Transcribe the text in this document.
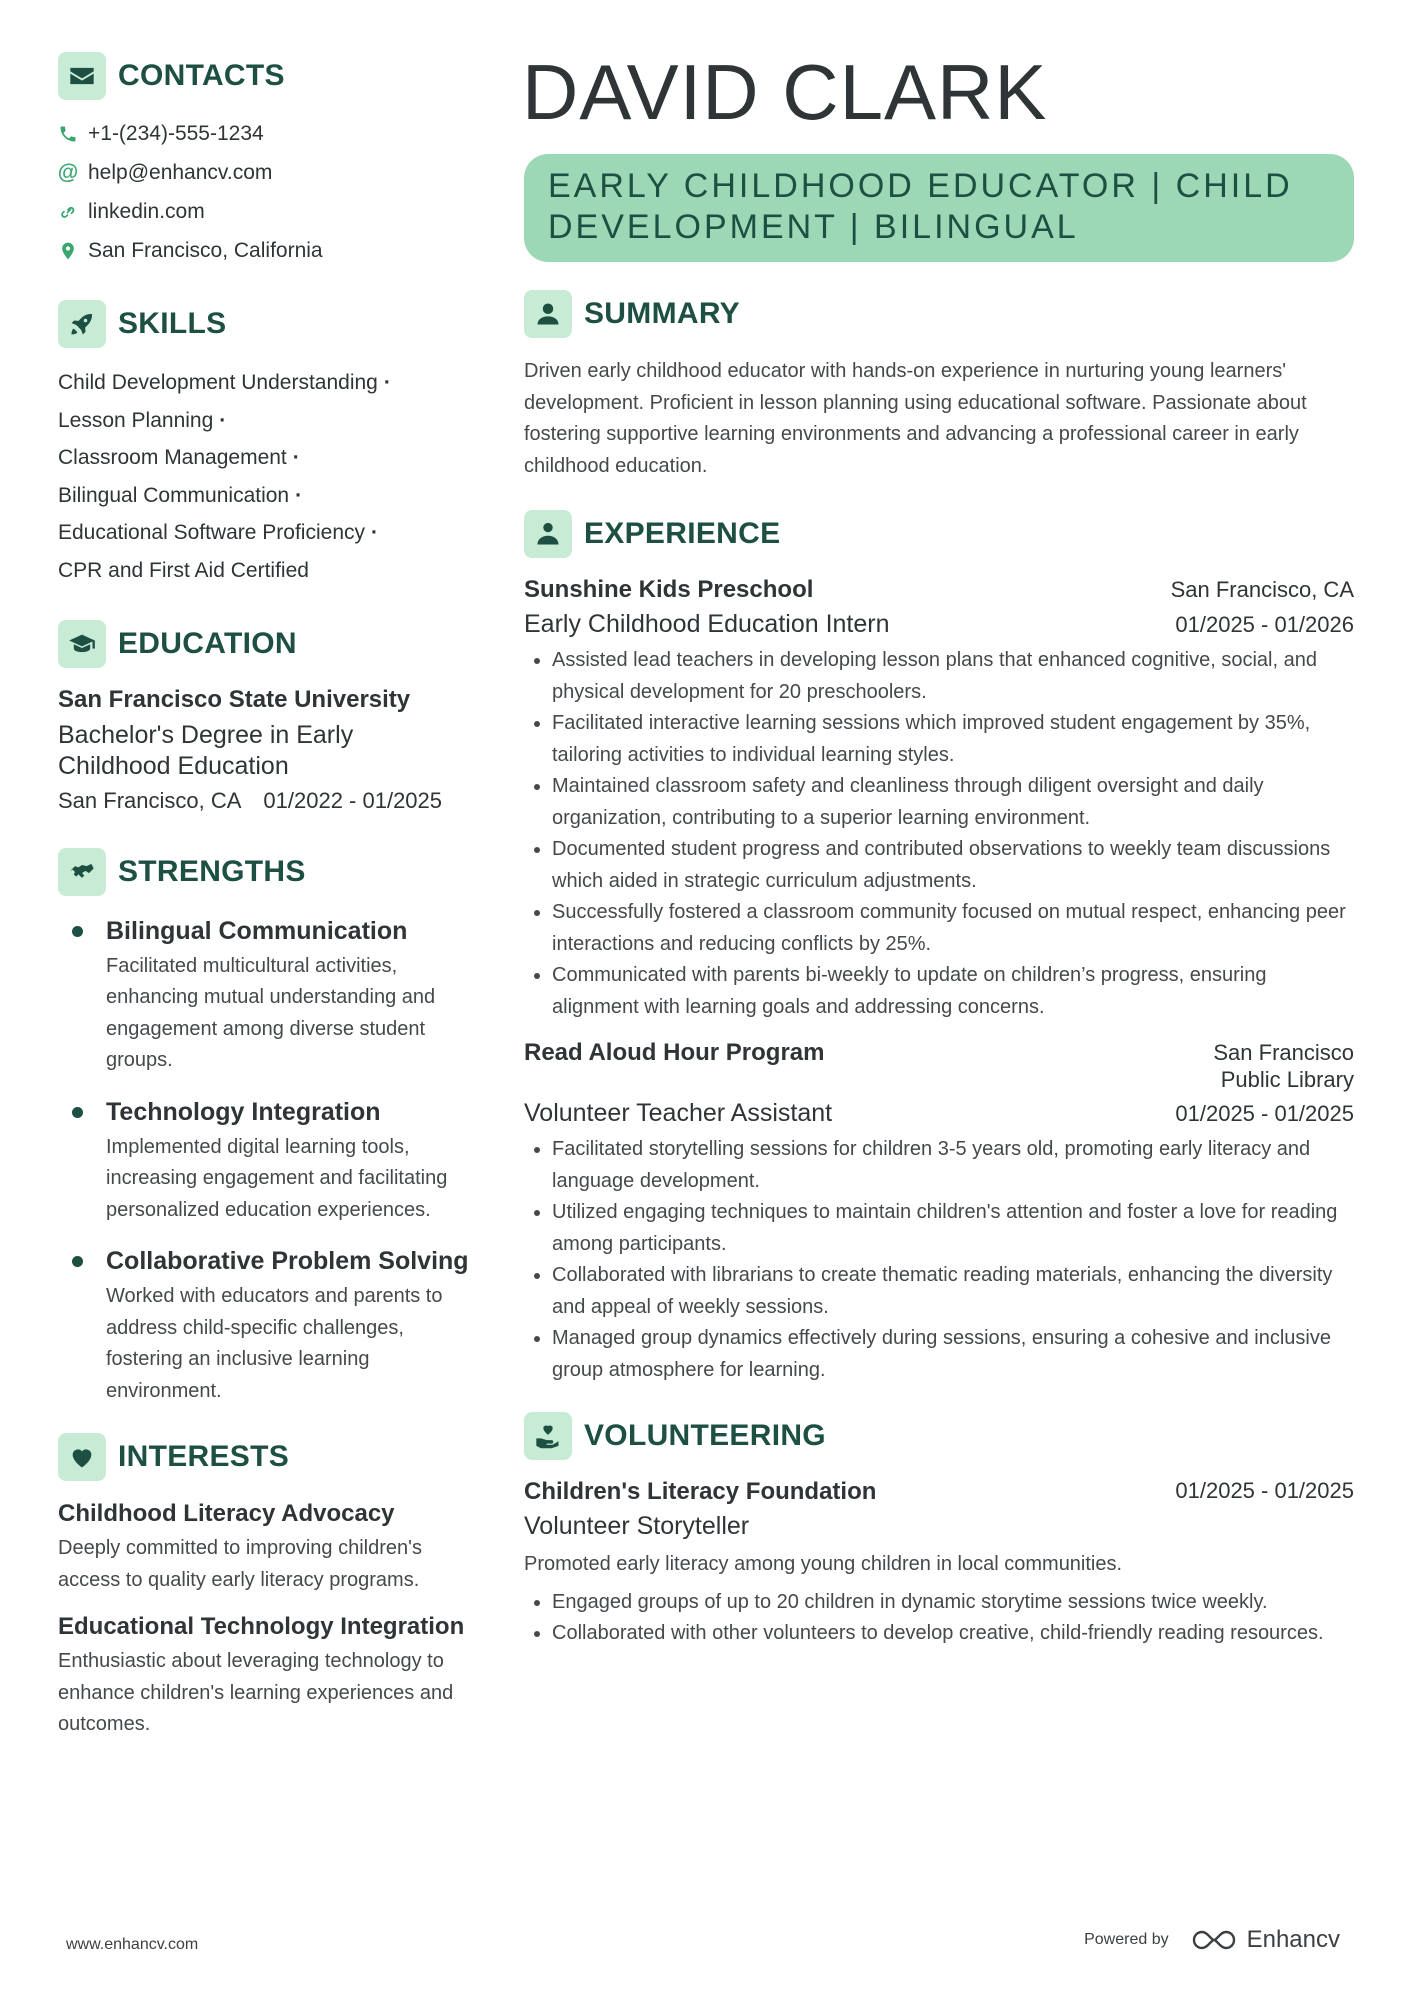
CONTACTS
+1-(234)-555-1234
@ help@enhancv.com
linkedin.com
San Francisco, California
SKILLS
Child Development Understanding ·
Lesson Planning ·
Classroom Management ·
Bilingual Communication ·
Educational Software Proficiency ·
CPR and First Aid Certified
EDUCATION
San Francisco State University
Bachelor's Degree in Early Childhood Education
San Francisco, CA 01/2022 - 01/2025
STRENGTHS
Bilingual Communication
Facilitated multicultural activities, enhancing mutual understanding and engagement among diverse student groups.
Technology Integration
Implemented digital learning tools, increasing engagement and facilitating personalized education experiences.
Collaborative Problem Solving
Worked with educators and parents to address child-specific challenges, fostering an inclusive learning environment.
INTERESTS
Childhood Literacy Advocacy
Deeply committed to improving children's access to quality early literacy programs.
Educational Technology Integration
Enthusiastic about leveraging technology to enhance children's learning experiences and outcomes.
DAVID CLARK
EARLY CHILDHOOD EDUCATOR | CHILD DEVELOPMENT | BILINGUAL
SUMMARY
Driven early childhood educator with hands-on experience in nurturing young learners' development. Proficient in lesson planning using educational software. Passionate about fostering supportive learning environments and advancing a professional career in early childhood education.
EXPERIENCE
Sunshine Kids Preschool	San Francisco, CA
Early Childhood Education Intern	01/2025 - 01/2026
• Assisted lead teachers in developing lesson plans that enhanced cognitive, social, and physical development for 20 preschoolers.
• Facilitated interactive learning sessions which improved student engagement by 35%, tailoring activities to individual learning styles.
• Maintained classroom safety and cleanliness through diligent oversight and daily organization, contributing to a superior learning environment.
• Documented student progress and contributed observations to weekly team discussions which aided in strategic curriculum adjustments.
• Successfully fostered a classroom community focused on mutual respect, enhancing peer interactions and reducing conflicts by 25%.
• Communicated with parents bi-weekly to update on children’s progress, ensuring alignment with learning goals and addressing concerns.
Read Aloud Hour Program	San Francisco Public Library
Volunteer Teacher Assistant	01/2025 - 01/2025
• Facilitated storytelling sessions for children 3-5 years old, promoting early literacy and language development.
• Utilized engaging techniques to maintain children's attention and foster a love for reading among participants.
• Collaborated with librarians to create thematic reading materials, enhancing the diversity and appeal of weekly sessions.
• Managed group dynamics effectively during sessions, ensuring a cohesive and inclusive group atmosphere for learning.
VOLUNTEERING
Children's Literacy Foundation	01/2025 - 01/2025
Volunteer Storyteller
Promoted early literacy among young children in local communities.
• Engaged groups of up to 20 children in dynamic storytime sessions twice weekly.
• Collaborated with other volunteers to develop creative, child-friendly reading resources.
www.enhancv.com	Powered by	Enhancv
